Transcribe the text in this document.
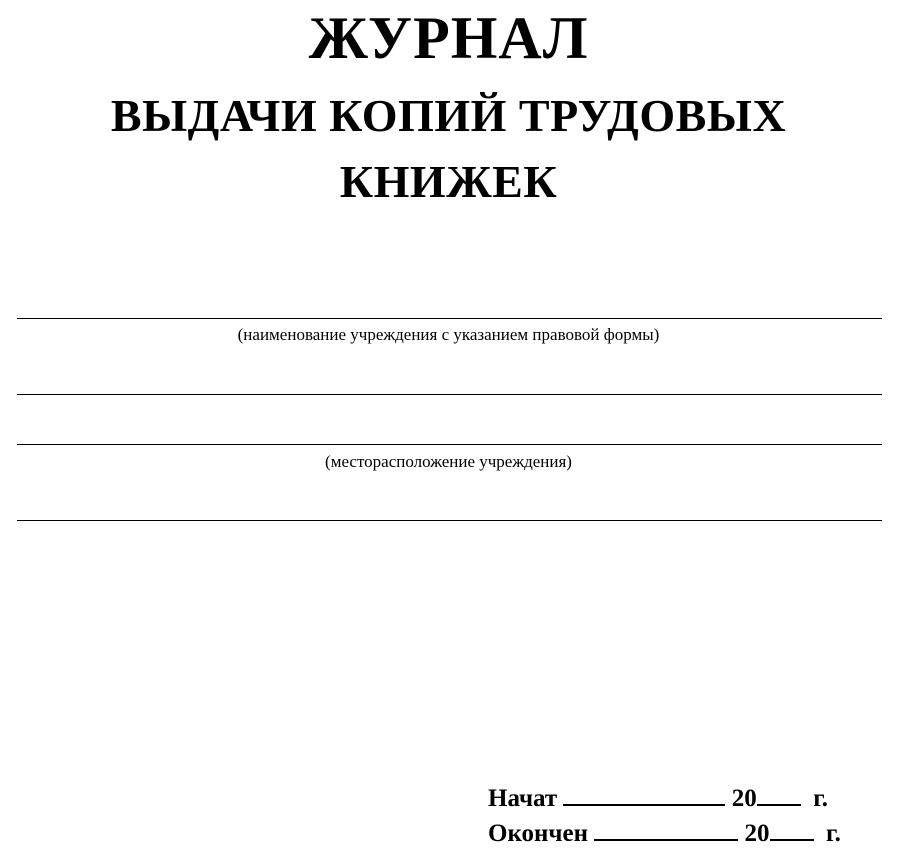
ЖУРНАЛ
ВЫДАЧИ КОПИЙ ТРУДОВЫХ
КНИЖЕК
(наименование учреждения с указанием правовой формы)
(месторасположение учреждения)
Начат	20 г.
Окончен	20 г.
